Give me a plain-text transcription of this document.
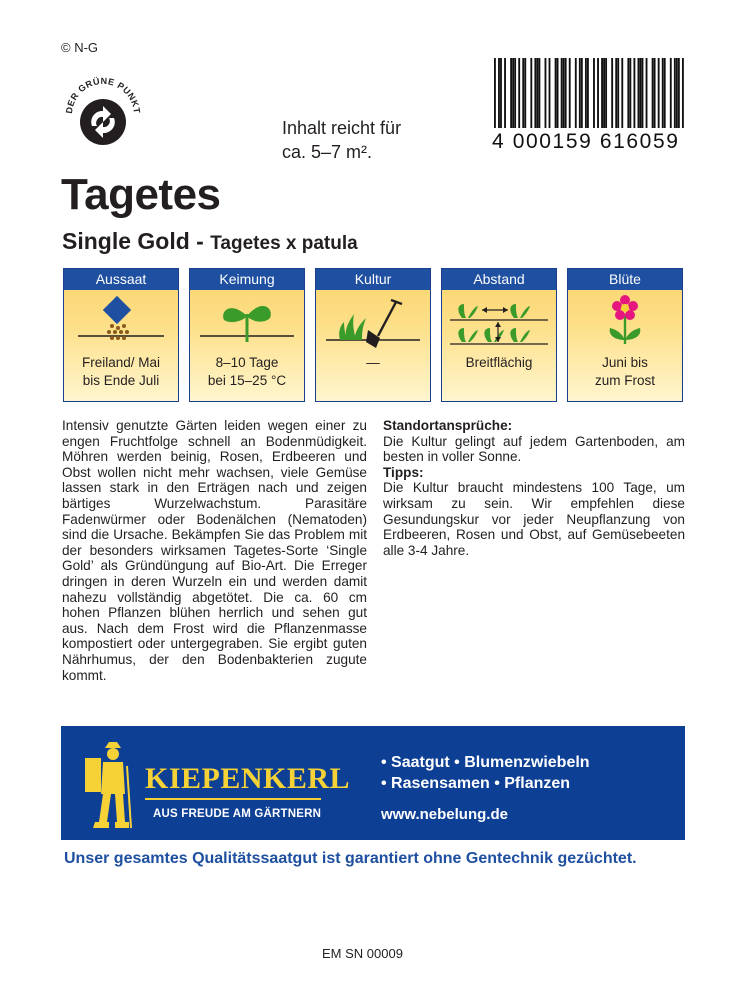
© N-G
DER GRÜNE PUNKT
Inhalt reicht für
ca. 5–7 m².	4 000159 616059
Tagetes
Single Gold - Tagetes x patula
Aussaat
Freiland/ Mai
bis Ende Juli
Keimung
8–10 Tage
bei 15–25 °C
Kultur
—
Abstand
Breitflächig
Blüte
Juni bis
zum Frost

Intensiv genutzte Gärten leiden wegen einer zu engen Fruchtfolge schnell an Bodenmüdigkeit. Möhren werden beinig, Rosen, Erdbeeren und Obst wollen nicht mehr wachsen, viele Gemüse lassen stark in den Erträgen nach und zeigen bärtiges Wurzelwachstum. Parasitäre Fadenwürmer oder Bodenälchen (Nematoden) sind die Ursache. Bekämpfen Sie das Problem mit der besonders wirksamen Tagetes-Sorte ‘Single Gold’ als Gründüngung auf Bio-Art. Die Erreger dringen in deren Wurzeln ein und werden damit nahezu vollständig abgetötet. Die ca. 60 cm hohen Pflanzen blühen herrlich und sehen gut aus. Nach dem Frost wird die Pflanzenmasse kompostiert oder untergegraben. Sie ergibt guten Nährhumus, der den Bodenbakterien zugute kommt.

Standortansprüche:
Die Kultur gelingt auf jedem Gartenboden, am besten in voller Sonne.
Tipps:
Die Kultur braucht mindestens 100 Tage, um wirksam zu sein. Wir empfehlen diese Gesundungskur vor jeder Neupflanzung von Erdbeeren, Rosen und Obst, auf Gemüsebeeten alle 3-4 Jahre.
KIEPENKERL
AUS FREUDE AM GÄRTNERN
• Saatgut • Blumenzwiebeln
• Rasensamen • Pflanzen
www.nebelung.de
Unser gesamtes Qualitätssaatgut ist garantiert ohne Gentechnik gezüchtet.
EM SN 00009
